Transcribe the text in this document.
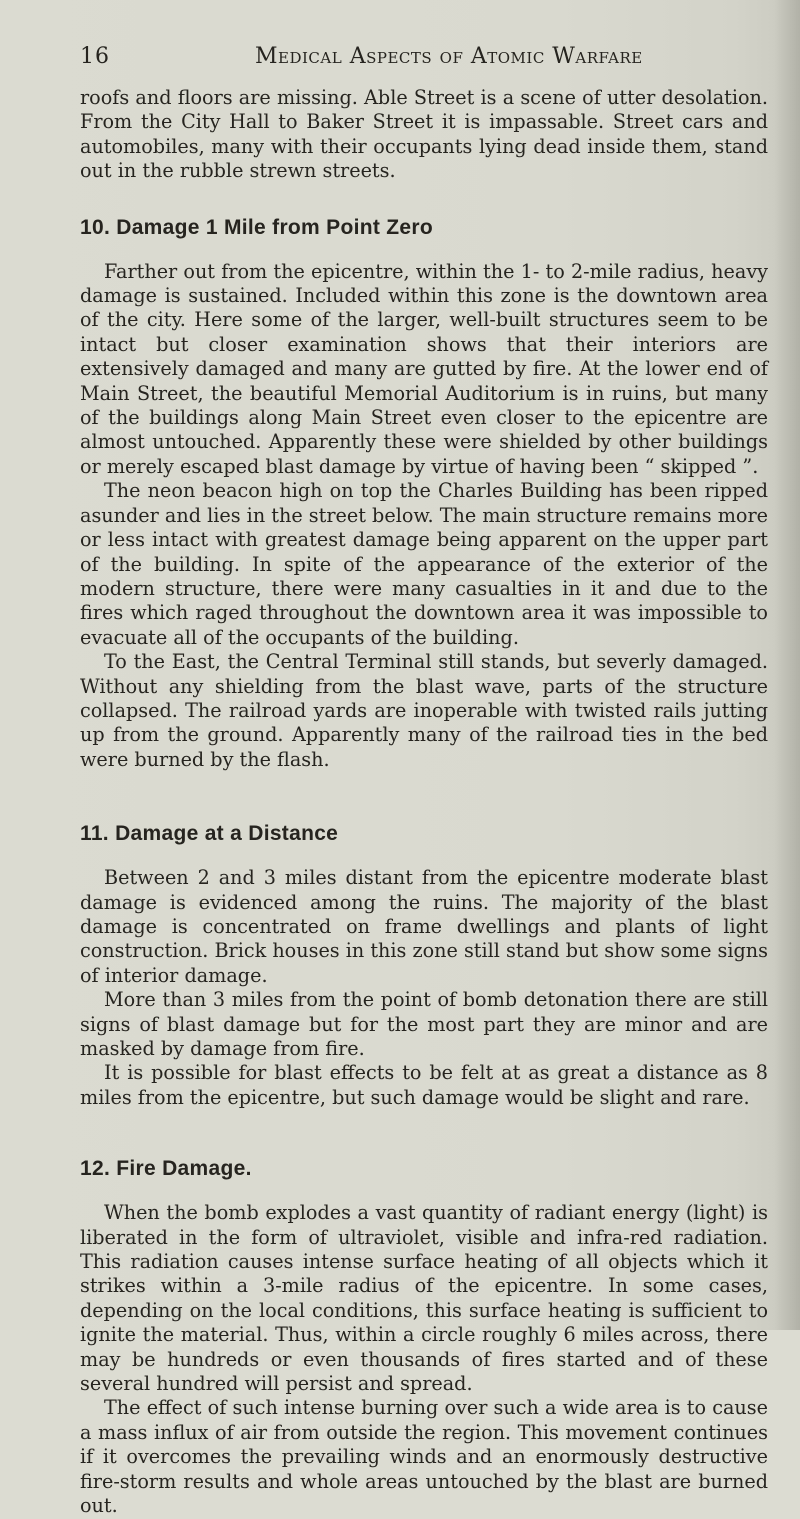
16	Medical Aspects of Atomic Warfare

roofs and floors are missing. Able Street is a scene of utter desolation. From the City Hall to Baker Street it is impassable. Street cars and automobiles, many with their occupants lying dead inside them, stand out in the rubble strewn streets.

10. Damage 1 Mile from Point Zero

Farther out from the epicentre, within the 1- to 2-mile radius, heavy damage is sustained. Included within this zone is the downtown area of the city. Here some of the larger, well-built structures seem to be intact but closer examination shows that their interiors are extensively damaged and many are gutted by fire. At the lower end of Main Street, the beautiful Memorial Auditorium is in ruins, but many of the buildings along Main Street even closer to the epicentre are almost untouched. Apparently these were shielded by other buildings or merely escaped blast damage by virtue of having been “ skipped ”.

The neon beacon high on top the Charles Building has been ripped asunder and lies in the street below. The main structure remains more or less intact with greatest damage being apparent on the upper part of the building. In spite of the appearance of the exterior of the modern structure, there were many casualties in it and due to the fires which raged throughout the downtown area it was impossible to evacuate all of the occupants of the building.

To the East, the Central Terminal still stands, but severly damaged. Without any shielding from the blast wave, parts of the structure collapsed. The railroad yards are inoperable with twisted rails jutting up from the ground. Apparently many of the railroad ties in the bed were burned by the flash.

11. Damage at a Distance

Between 2 and 3 miles distant from the epicentre moderate blast damage is evidenced among the ruins. The majority of the blast damage is concentrated on frame dwellings and plants of light construction. Brick houses in this zone still stand but show some signs of interior damage.

More than 3 miles from the point of bomb detonation there are still signs of blast damage but for the most part they are minor and are masked by damage from fire.

It is possible for blast effects to be felt at as great a distance as 8 miles from the epicentre, but such damage would be slight and rare.

12. Fire Damage.

When the bomb explodes a vast quantity of radiant energy (light) is liberated in the form of ultraviolet, visible and infra-red radiation. This radiation causes intense surface heating of all objects which it strikes within a 3-mile radius of the epicentre. In some cases, depending on the local conditions, this surface heating is sufficient to ignite the material. Thus, within a circle roughly 6 miles across, there may be hundreds or even thousands of fires started and of these several hundred will persist and spread.

The effect of such intense burning over such a wide area is to cause a mass influx of air from outside the region. This movement continues if it overcomes the prevailing winds and an enormously destructive fire-storm results and whole areas untouched by the blast are burned out.
